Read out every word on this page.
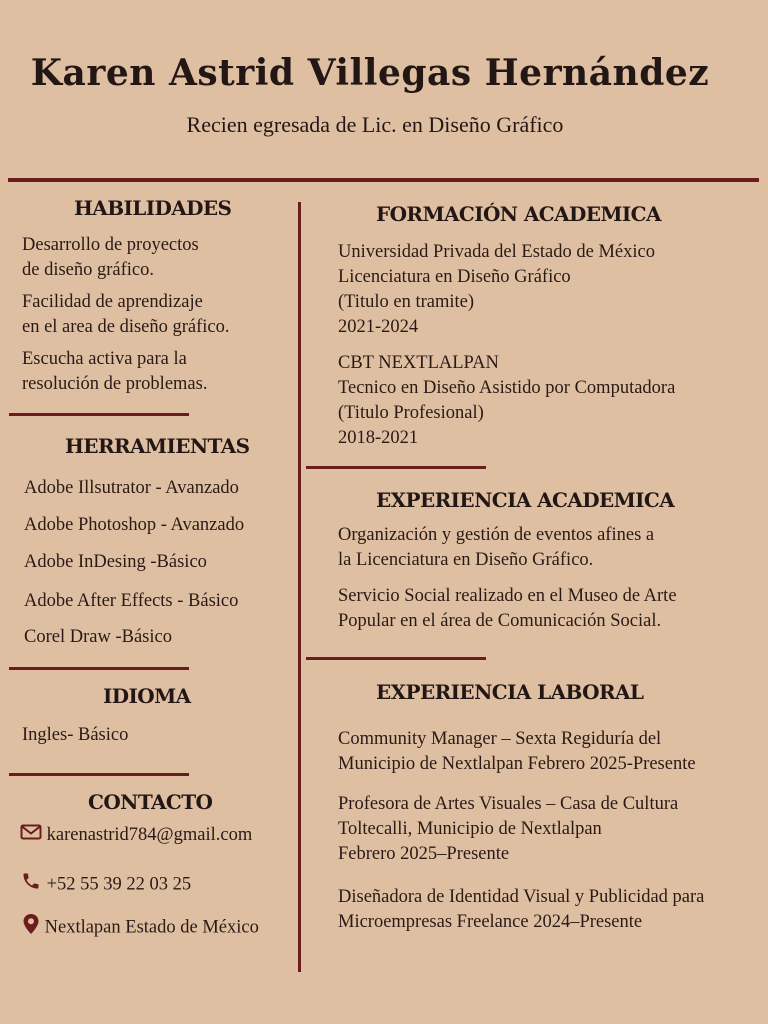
Karen Astrid Villegas Hernández
Recien egresada de Lic. en Diseño Gráfico
HABILIDADES
Desarrollo de proyectos
de diseño gráfico.
Facilidad de aprendizaje
en el area de diseño gráfico.
Escucha activa para la
resolución de problemas.
HERRAMIENTAS
Adobe Illsutrator - Avanzado
Adobe Photoshop - Avanzado
Adobe InDesing -Básico
Adobe After Effects - Básico
Corel Draw -Básico
IDIOMA
Ingles- Básico
CONTACTO
karenastrid784@gmail.com
+52 55 39 22 03 25
Nextlapan Estado de México
FORMACIÓN ACADEMICA
Universidad Privada del Estado de México
Licenciatura en Diseño Gráfico
(Titulo en tramite)
2021-2024
CBT NEXTLALPAN
Tecnico en Diseño Asistido por Computadora
(Titulo Profesional)
2018-2021
EXPERIENCIA ACADEMICA
Organización y gestión de eventos afines a
la Licenciatura en Diseño Gráfico.
Servicio Social realizado en el Museo de Arte
Popular en el área de Comunicación Social.
EXPERIENCIA LABORAL
Community Manager – Sexta Regiduría del
Municipio de Nextlalpan Febrero 2025-Presente
Profesora de Artes Visuales – Casa de Cultura
Toltecalli, Municipio de Nextlalpan
Febrero 2025–Presente
Diseñadora de Identidad Visual y Publicidad para
Microempresas Freelance 2024–Presente
